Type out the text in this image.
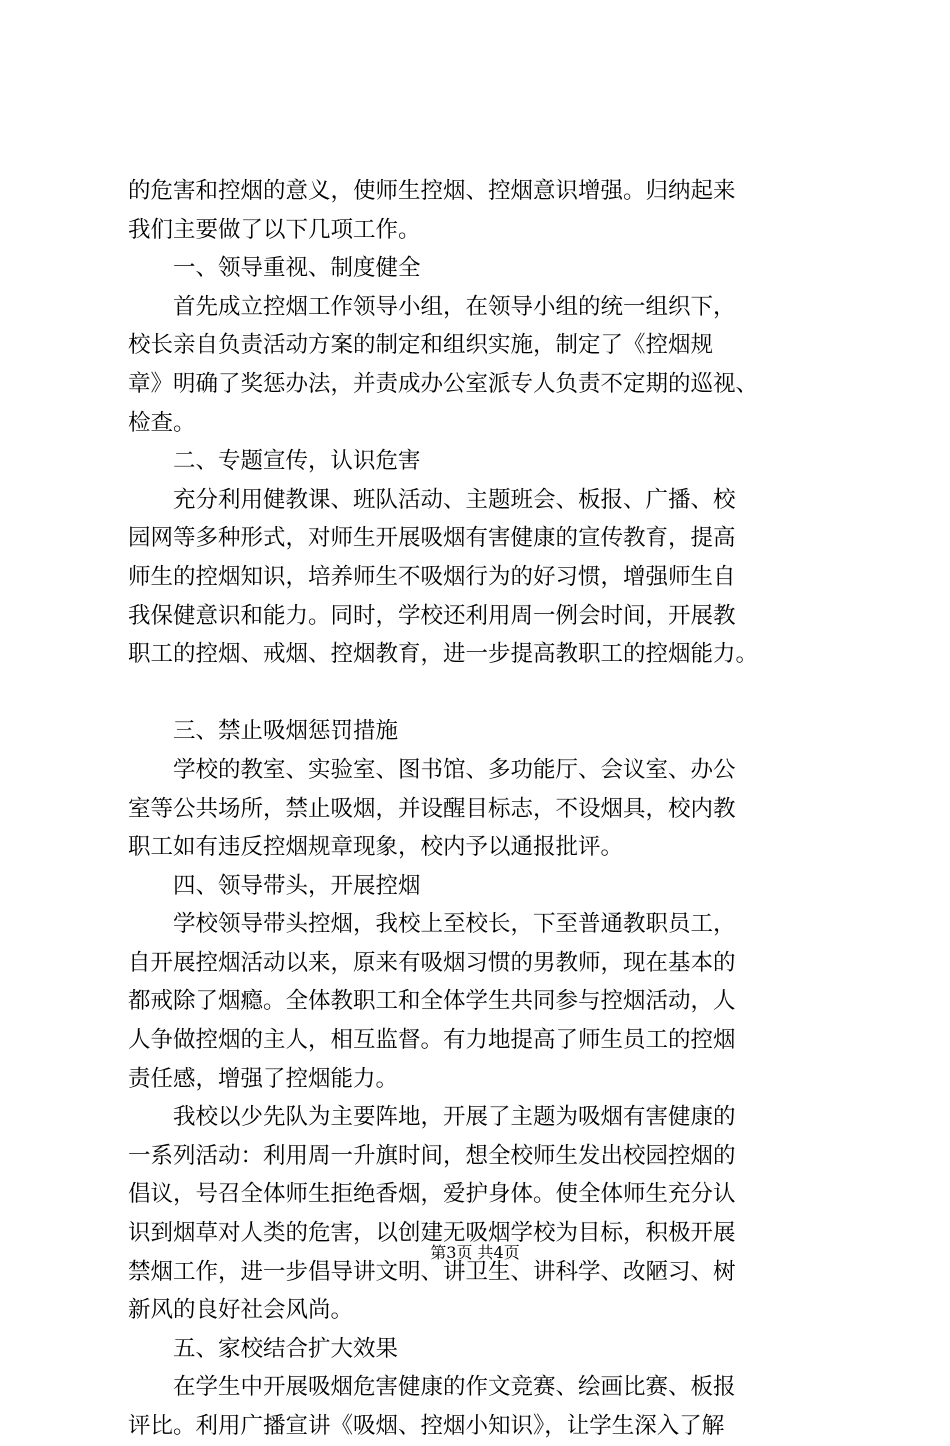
的危害和控烟的意义，使师生控烟、控烟意识增强。归纳起来
我们主要做了以下几项工作。
一、领导重视、制度健全
首先成立控烟工作领导小组，在领导小组的统一组织下，
校长亲自负责活动方案的制定和组织实施，制定了《控烟规
章》明确了奖惩办法，并责成办公室派专人负责不定期的巡视、
检查。
二、专题宣传，认识危害
充分利用健教课、班队活动、主题班会、板报、广播、校
园网等多种形式，对师生开展吸烟有害健康的宣传教育，提高
师生的控烟知识，培养师生不吸烟行为的好习惯，增强师生自
我保健意识和能力。同时，学校还利用周一例会时间，开展教
职工的控烟、戒烟、控烟教育，进一步提高教职工的控烟能力。
三、禁止吸烟惩罚措施
学校的教室、实验室、图书馆、多功能厅、会议室、办公
室等公共场所，禁止吸烟，并设醒目标志，不设烟具，校内教
职工如有违反控烟规章现象，校内予以通报批评。
四、领导带头，开展控烟
学校领导带头控烟，我校上至校长，下至普通教职员工，
自开展控烟活动以来，原来有吸烟习惯的男教师，现在基本的
都戒除了烟瘾。全体教职工和全体学生共同参与控烟活动，人
人争做控烟的主人，相互监督。有力地提高了师生员工的控烟
责任感，增强了控烟能力。
我校以少先队为主要阵地，开展了主题为吸烟有害健康的
一系列活动：利用周一升旗时间，想全校师生发出校园控烟的
倡议，号召全体师生拒绝香烟，爱护身体。使全体师生充分认
识到烟草对人类的危害，以创建无吸烟学校为目标，积极开展
禁烟工作，进一步倡导讲文明、讲卫生、讲科学、改陋习、树
新风的良好社会风尚。
五、家校结合扩大效果
在学生中开展吸烟危害健康的作文竞赛、绘画比赛、板报
评比。利用广播宣讲《吸烟、控烟小知识》，让学生深入了解
第3页 共4页
